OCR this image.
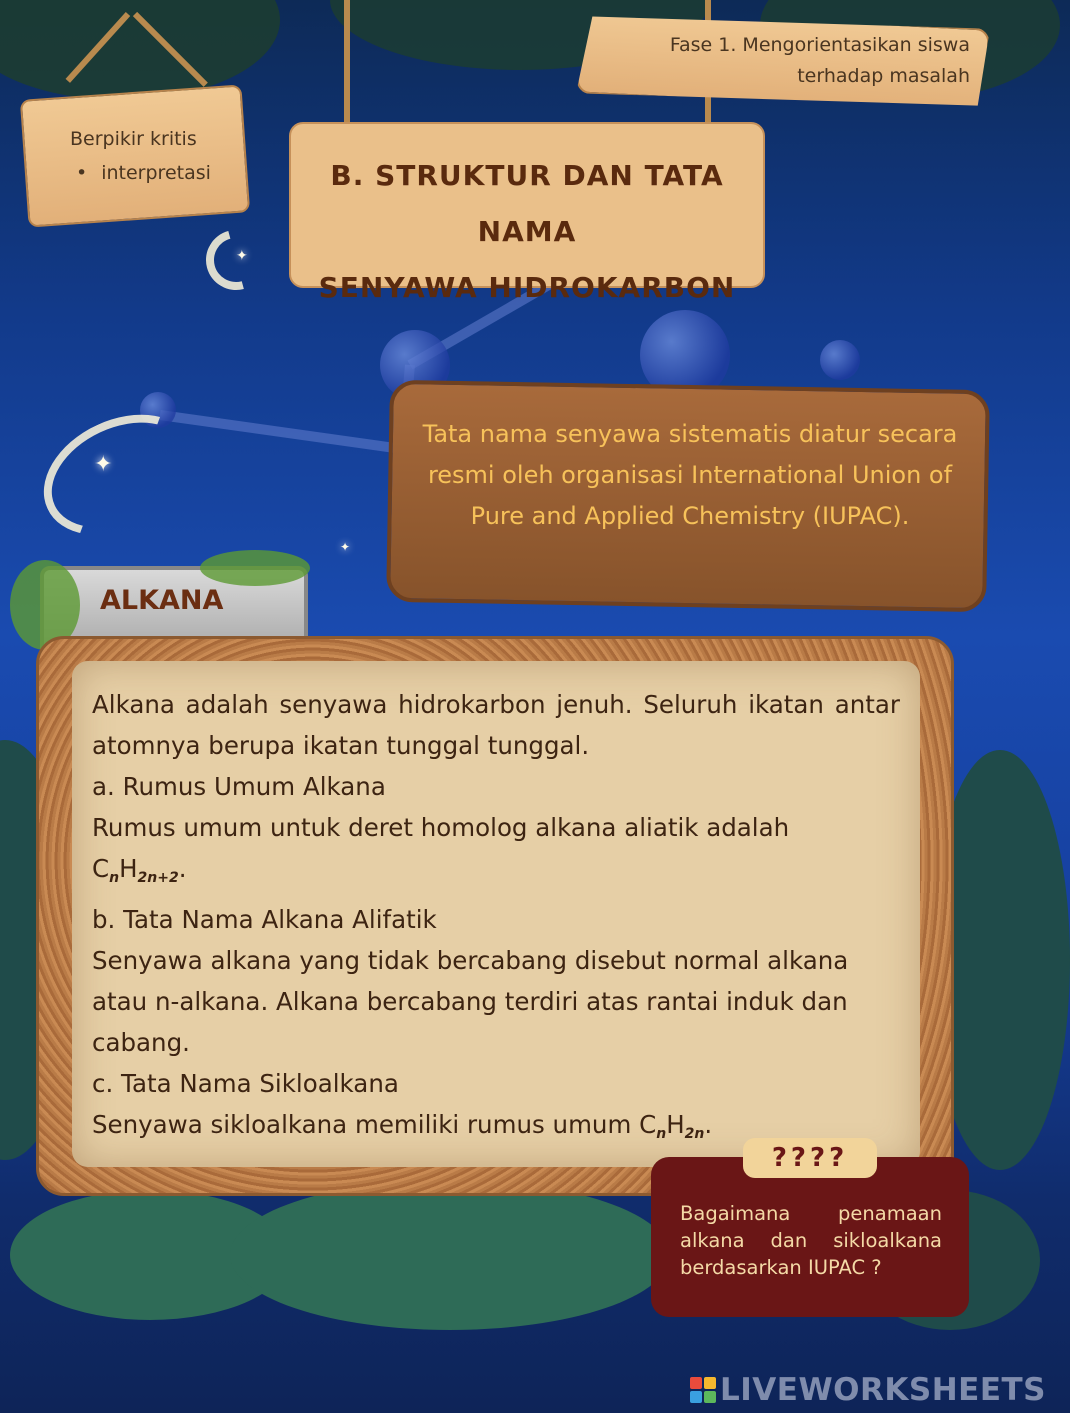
✦
✦
✦
Fase 1. Mengorientasikan siswa
terhadap masalah
Berpikir kritis
• interpretasi	B. STRUKTUR DAN TATA NAMA
SENYAWA HIDROKARBON
Tata nama senyawa sistematis diatur secara resmi oleh organisasi International Union of Pure and Applied Chemistry (IUPAC).
ALKANA

Alkana adalah senyawa hidrokarbon jenuh. Seluruh ikatan antar atomnya berupa ikatan tunggal tunggal.

a. Rumus Umum Alkana

Rumus umum untuk deret homolog alkana aliatik adalah

$C_nH_{2n+2}$.

b. Tata Nama Alkana Alifatik

Senyawa alkana yang tidak bercabang disebut normal alkana atau n-alkana. Alkana bercabang terdiri atas rantai induk dan cabang.

c. Tata Nama Sikloalkana

Senyawa sikloalkana memiliki rumus umum $C_nH_{2n}$.

????
Bagaimana penamaan alkana dan sikloalkana berdasarkan IUPAC ?
LIVEWORKSHEETS
